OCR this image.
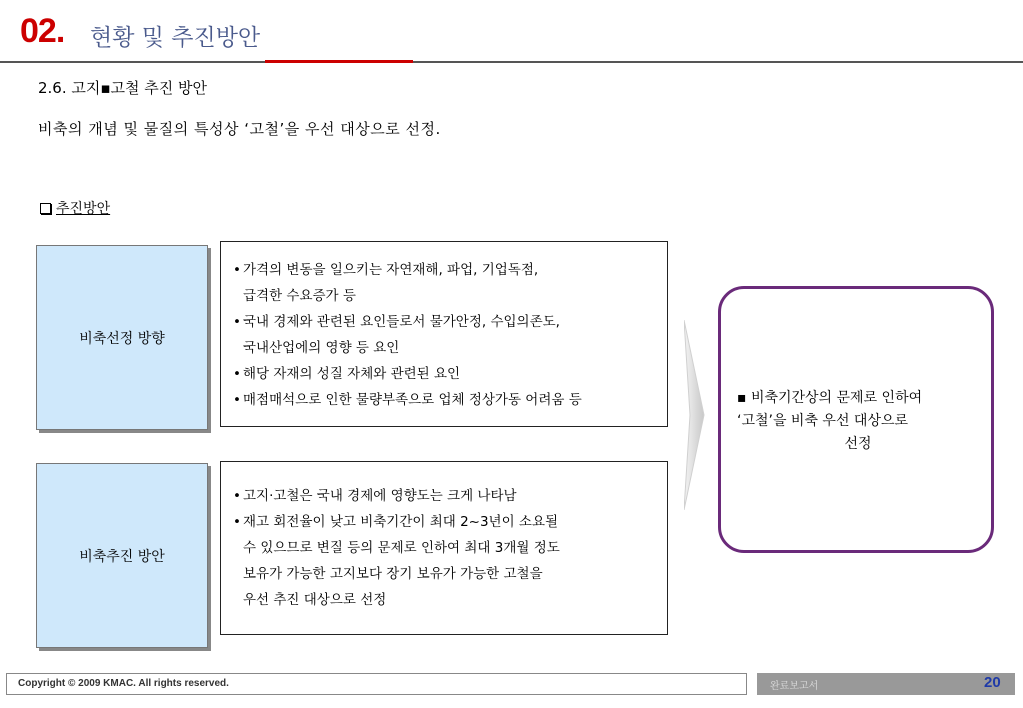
02. 현황 및 추진방안
2.6. 고지▪고철 추진 방안
비축의 개념 및 물질의 특성상 ‘고철’을 우선 대상으로 선정.
추진방안
비축선정 방향
• 가격의 변동을 일으키는 자연재해, 파업, 기업독점,
급격한 수요증가 등
• 국내 경제와 관련된 요인들로서 물가안정, 수입의존도,
국내산업에의 영향 등 요인
• 해당 자재의 성질 자체와 관련된 요인
• 매점매석으로 인한 물량부족으로 업체 정상가동 어려움 등
비축추진 방안
• 고지·고철은 국내 경제에 영향도는 크게 나타남
• 재고 회전율이 낮고 비축기간이 최대 2~3년이 소요될
수 있으므로 변질 등의 문제로 인하여 최대 3개월 정도
보유가 가능한 고지보다 장기 보유가 가능한 고철을
우선 추진 대상으로 선정
▪ 비축기간상의 문제로 인하여
‘고철’을 비축 우선 대상으로
선정
Copyright © 2009 KMAC. All rights reserved.	완료보고서	20
